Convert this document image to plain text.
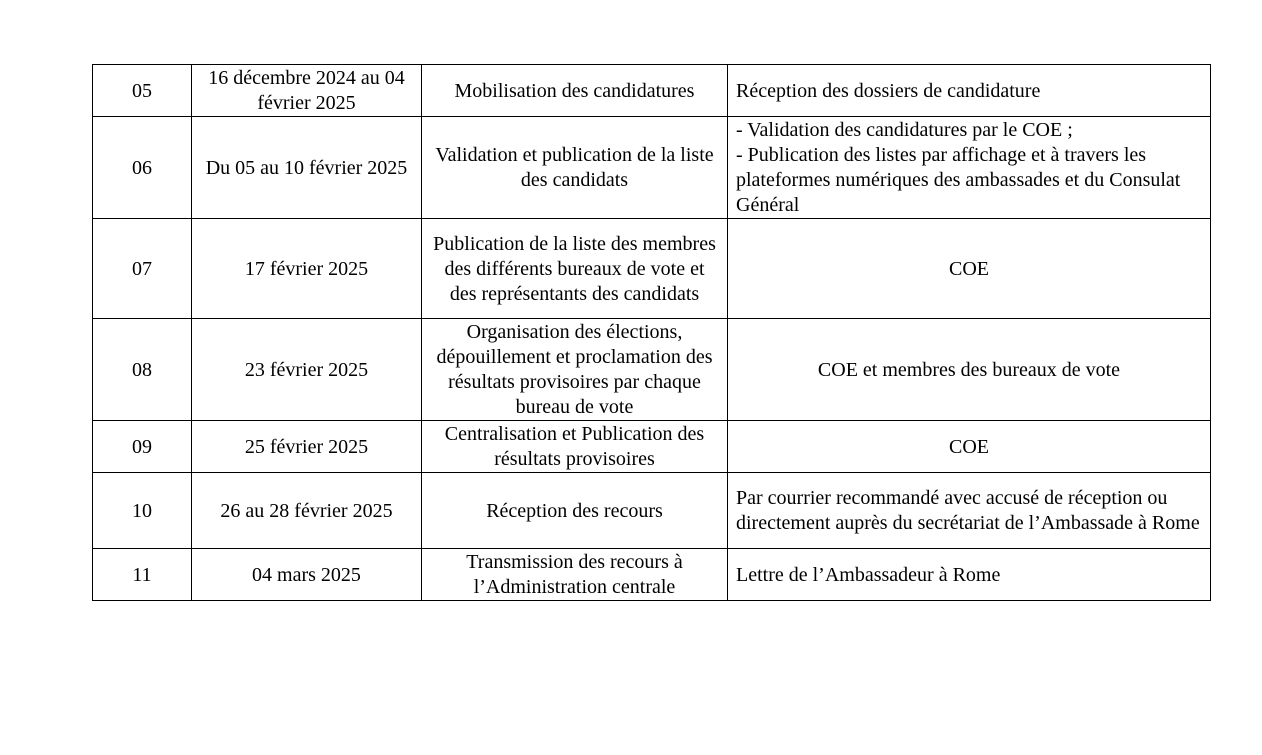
05	16 décembre 2024 au 04 février 2025	Mobilisation des candidatures	Réception des dossiers de candidature

06	Du 05 au 10 février 2025	Validation et publication de la liste des candidats	- Validation des candidatures par le COE ;
- Publication des listes par affichage et à travers les plateformes numériques des ambassades et du Consulat Général

07	17 février 2025	Publication de la liste des membres des différents bureaux de vote et des représentants des candidats	COE

08	23 février 2025	Organisation des élections, dépouillement et proclamation des résultats provisoires par chaque bureau de vote	COE et membres des bureaux de vote

09	25 février 2025	Centralisation et Publication des résultats provisoires	COE

10	26 au 28 février 2025	Réception des recours	Par courrier recommandé avec accusé de réception ou directement auprès du secrétariat de l’Ambassade à Rome

11	04 mars 2025	Transmission des recours à l’Administration centrale	Lettre de l’Ambassadeur à Rome
